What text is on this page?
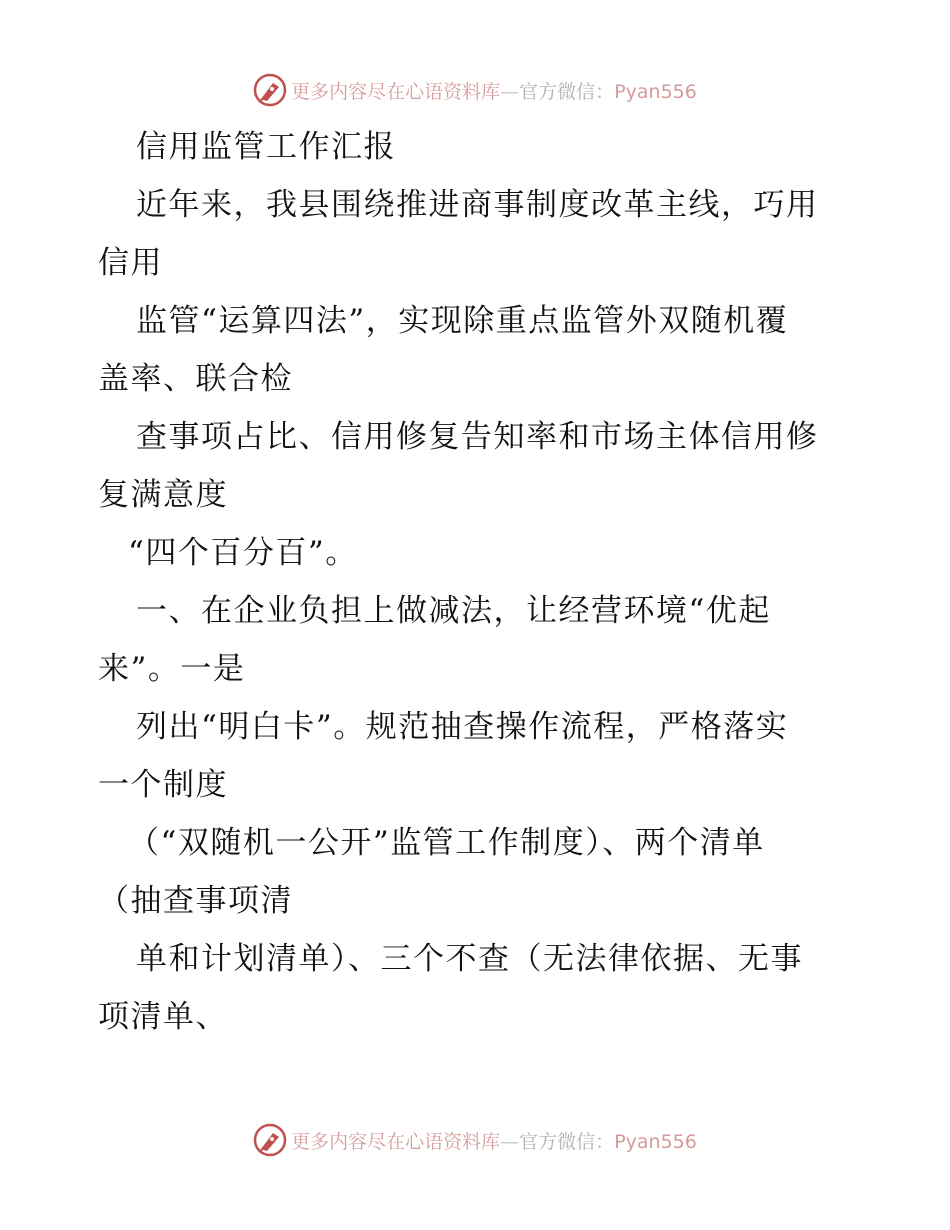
更多内容尽在心语资料库—官方微信：Pyan556
信用监管工作汇报
近年来，我县围绕推进商事制度改革主线，巧用
信用
监管“运算四法”，实现除重点监管外双随机覆
盖率、联合检
查事项占比、信用修复告知率和市场主体信用修
复满意度
“四个百分百”。
一、在企业负担上做减法，让经营环境“优起
来”。一是
列出“明白卡”。规范抽查操作流程，严格落实
一个制度
（“双随机一公开”监管工作制度）、两个清单
（抽查事项清
单和计划清单）、三个不查（无法律依据、无事
项清单、
更多内容尽在心语资料库—官方微信：Pyan556
